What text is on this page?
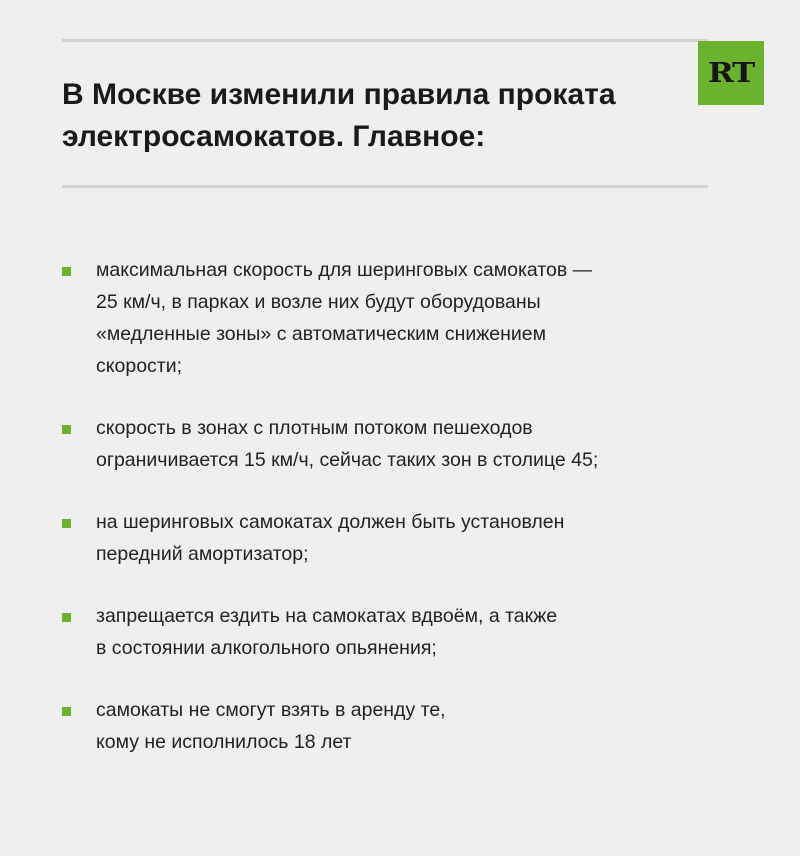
RT
В Москве изменили правила проката
электросамокатов. Главное:
максимальная скорость для шеринговых самокатов —
25 км/ч, в парках и возле них будут оборудованы
«медленные зоны» с автоматическим снижением
скорости;
скорость в зонах с плотным потоком пешеходов
ограничивается 15 км/ч, сейчас таких зон в столице 45;
на шеринговых самокатах должен быть установлен
передний амортизатор;
запрещается ездить на самокатах вдвоём, а также
в состоянии алкогольного опьянения;
самокаты не смогут взять в аренду те,
кому не исполнилось 18 лет
